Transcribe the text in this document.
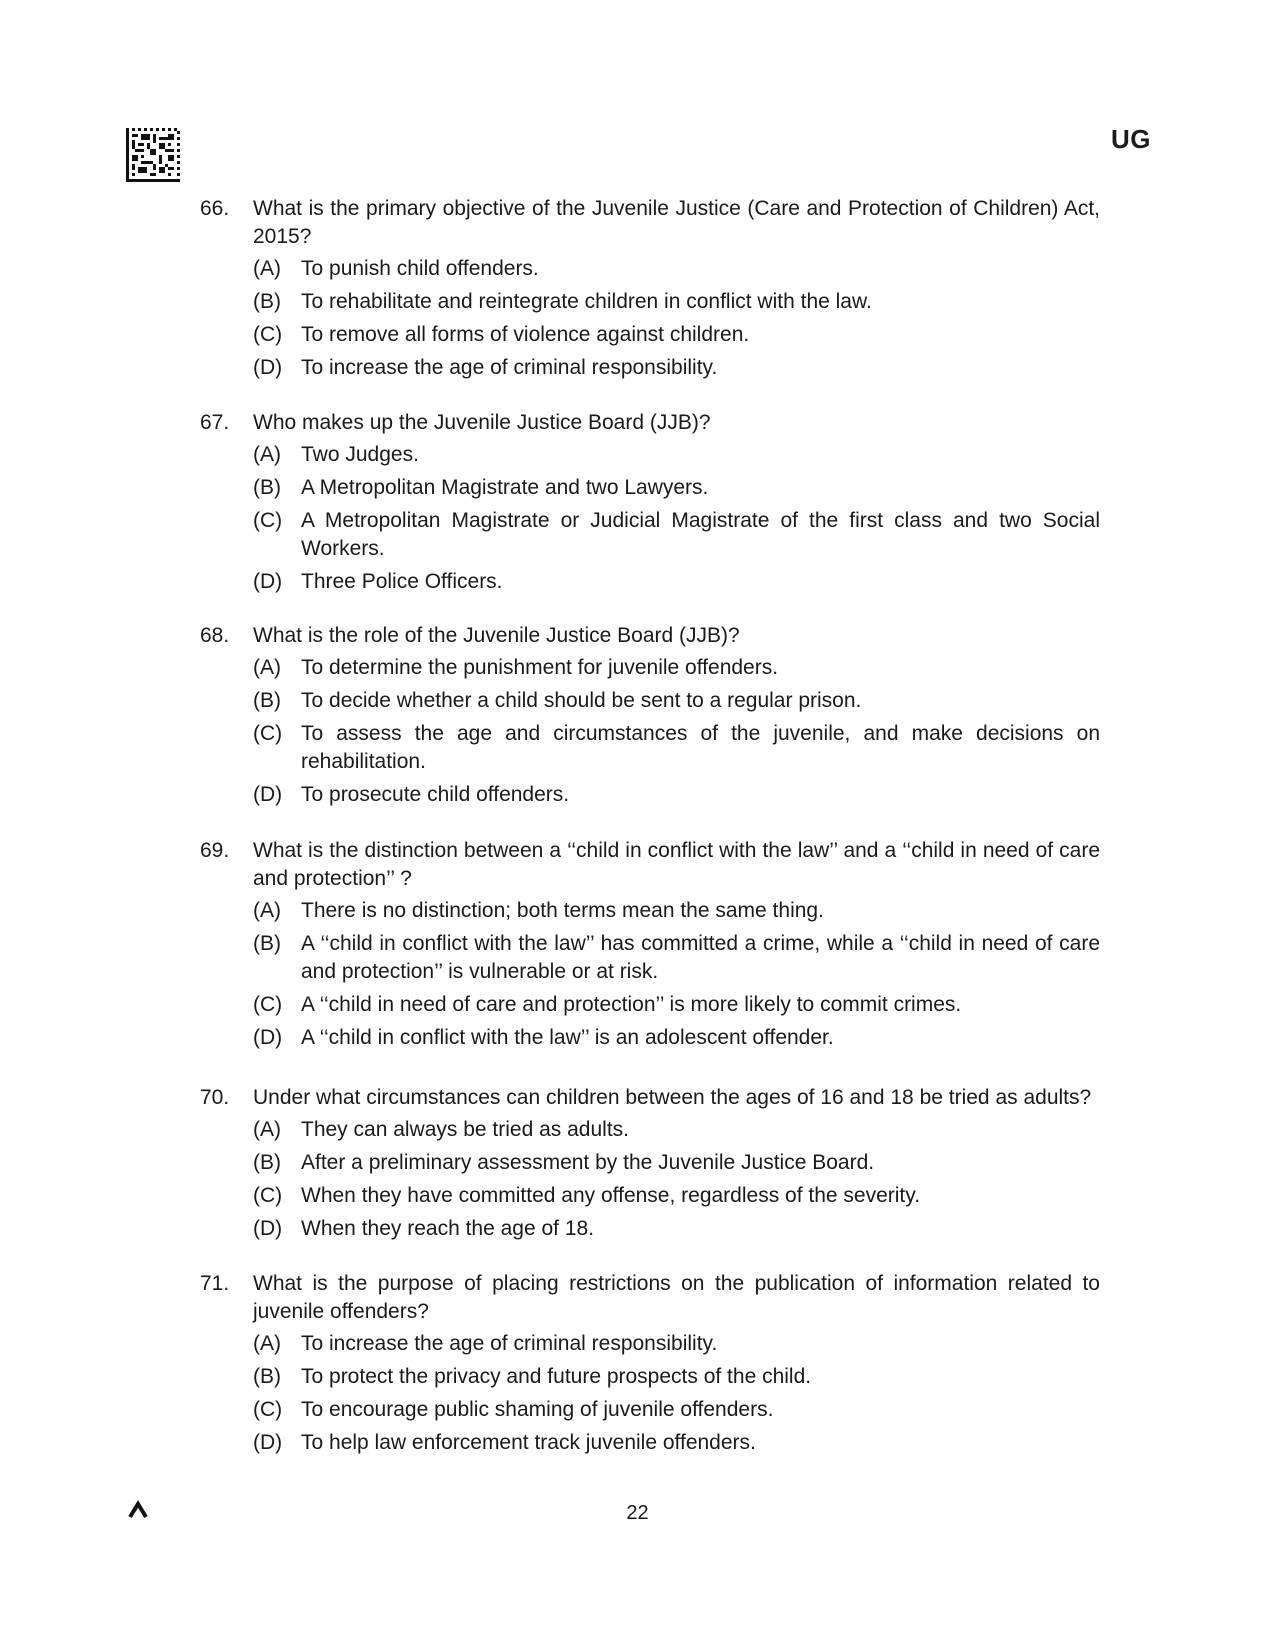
UG
66.	What is the primary objective of the Juvenile Justice (Care and Protection of Children) Act, 2015?
(A) To punish child offenders.
(B) To rehabilitate and reintegrate children in conflict with the law.
(C) To remove all forms of violence against children.
(D) To increase the age of criminal responsibility.
67.	Who makes up the Juvenile Justice Board (JJB)?
(A) Two Judges.
(B) A Metropolitan Magistrate and two Lawyers.
(C) A Metropolitan Magistrate or Judicial Magistrate of the first class and two Social Workers.
(D) Three Police Officers.
68.	What is the role of the Juvenile Justice Board (JJB)?
(A) To determine the punishment for juvenile offenders.
(B) To decide whether a child should be sent to a regular prison.
(C) To assess the age and circumstances of the juvenile, and make decisions on rehabilitation.
(D) To prosecute child offenders.
69.	What is the distinction between a ‘‘child in conflict with the law’’ and a ‘‘child in need of care and protection’’ ?
(A) There is no distinction; both terms mean the same thing.
(B) A ‘‘child in conflict with the law’’ has committed a crime, while a ‘‘child in need of care and protection’’ is vulnerable or at risk.
(C) A ‘‘child in need of care and protection’’ is more likely to commit crimes.
(D) A ‘‘child in conflict with the law’’ is an adolescent offender.
70.	Under what circumstances can children between the ages of 16 and 18 be tried as adults?
(A) They can always be tried as adults.
(B) After a preliminary assessment by the Juvenile Justice Board.
(C) When they have committed any offense, regardless of the severity.
(D) When they reach the age of 18.
71.	What is the purpose of placing restrictions on the publication of information related to juvenile offenders?
(A) To increase the age of criminal responsibility.
(B) To protect the privacy and future prospects of the child.
(C) To encourage public shaming of juvenile offenders.
(D) To help law enforcement track juvenile offenders.
22
